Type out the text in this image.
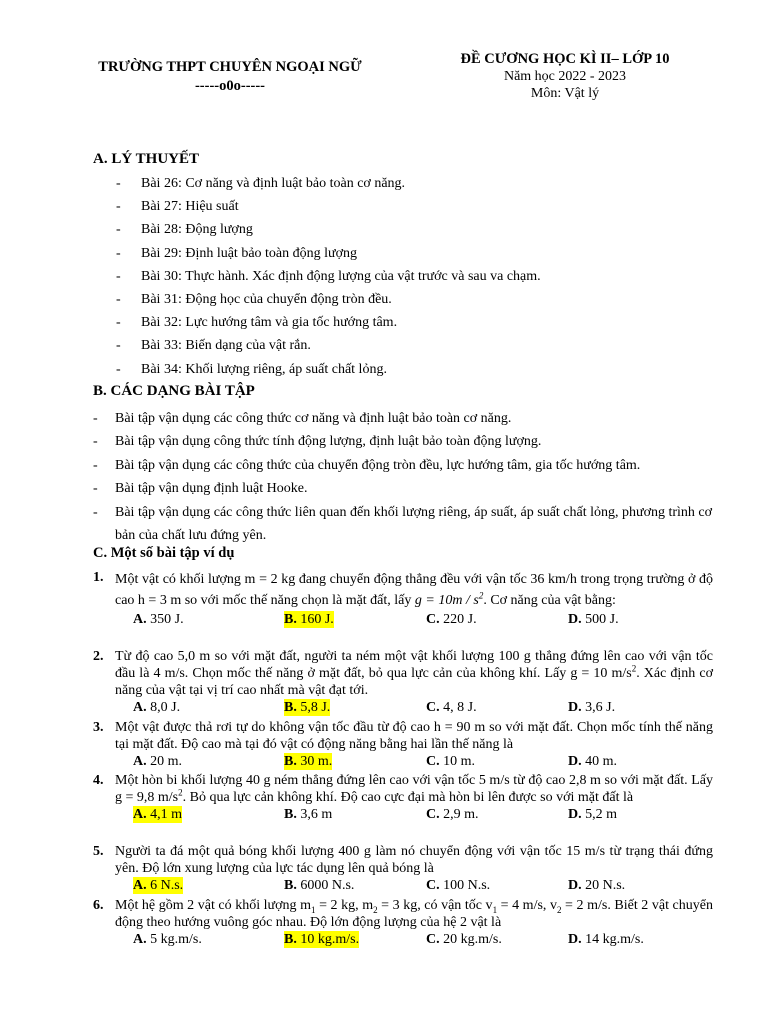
TRƯỜNG THPT CHUYÊN NGOẠI NGỮ
-----o0o-----
ĐỀ CƯƠNG HỌC KÌ II– LỚP 10
Năm học 2022 - 2023
Môn: Vật lý
A. LÝ THUYẾT
- Bài 26: Cơ năng và định luật bảo toàn cơ năng.
- Bài 27: Hiệu suất
- Bài 28: Động lượng
- Bài 29: Định luật bảo toàn động lượng
- Bài 30: Thực hành. Xác định động lượng của vật trước và sau va chạm.
- Bài 31: Động học của chuyển động tròn đều.
- Bài 32: Lực hướng tâm và gia tốc hướng tâm.
- Bài 33: Biến dạng của vật rắn.
- Bài 34: Khối lượng riêng, áp suất chất lỏng.
B. CÁC DẠNG BÀI TẬP
-	Bài tập vận dụng các công thức cơ năng và định luật bảo toàn cơ năng.
-	Bài tập vận dụng công thức tính động lượng, định luật bảo toàn động lượng.
-	Bài tập vận dụng các công thức của chuyển động tròn đều, lực hướng tâm, gia tốc hướng tâm.
-	Bài tập vận dụng định luật Hooke.
-	Bài tập vận dụng các công thức liên quan đến khối lượng riêng, áp suất, áp suất chất lỏng, phương trình cơ bản của chất lưu đứng yên.
C. Một số bài tập ví dụ
1. Một vật có khối lượng m = 2 kg đang chuyển động thẳng đều với vận tốc 36 km/h trong trọng trường ở độ cao h = 3 m so với mốc thế năng chọn là mặt đất, lấy $g = 10m / s^2$. Cơ năng của vật bằng:
A. 350 J.	B. 160 J.	C. 220 J.	D. 500 J.
2. Từ độ cao 5,0 m so với mặt đất, người ta ném một vật khối lượng 100 g thẳng đứng lên cao với vận tốc đầu là 4 m/s. Chọn mốc thế năng ở mặt đất, bỏ qua lực cản của không khí. Lấy g = 10 $m/s^2$. Xác định cơ năng của vật tại vị trí cao nhất mà vật đạt tới.
A. 8,0 J.	B. 5,8 J.	C. 4, 8 J.	D. 3,6 J.
3. Một vật được thả rơi tự do không vận tốc đầu từ độ cao h = 90 m so với mặt đất. Chọn mốc tính thế năng tại mặt đất. Độ cao mà tại đó vật có động năng bằng hai lần thế năng là
A. 20 m.	B. 30 m.	C. 10 m.	D. 40 m.
4. Một hòn bi khối lượng 40 g ném thẳng đứng lên cao với vận tốc 5 m/s từ độ cao 2,8 m so với mặt đất. Lấy g = 9,8 $m/s^2$. Bỏ qua lực cản không khí. Độ cao cực đại mà hòn bi lên được so với mặt đất là
A. 4,1 m	B. 3,6 m	C. 2,9 m.	D. 5,2 m
5. Người ta đá một quả bóng khối lượng 400 g làm nó chuyển động với vận tốc 15 m/s từ trạng thái đứng yên. Độ lớn xung lượng của lực tác dụng lên quả bóng là
A. 6 N.s.	B. 6000 N.s.	C. 100 N.s.	D. 20 N.s.
6. Một hệ gồm 2 vật có khối lượng $m_1 = 2$ kg, $m_2 = 3$ kg, có vận tốc $v_1 = 4$ m/s, $v_2 = 2$ m/s. Biết 2 vật chuyển động theo hướng vuông góc nhau. Độ lớn động lượng của hệ 2 vật là
A. 5 kg.m/s.	B. 10 kg.m/s.	C. 20 kg.m/s.	D. 14 kg.m/s.
